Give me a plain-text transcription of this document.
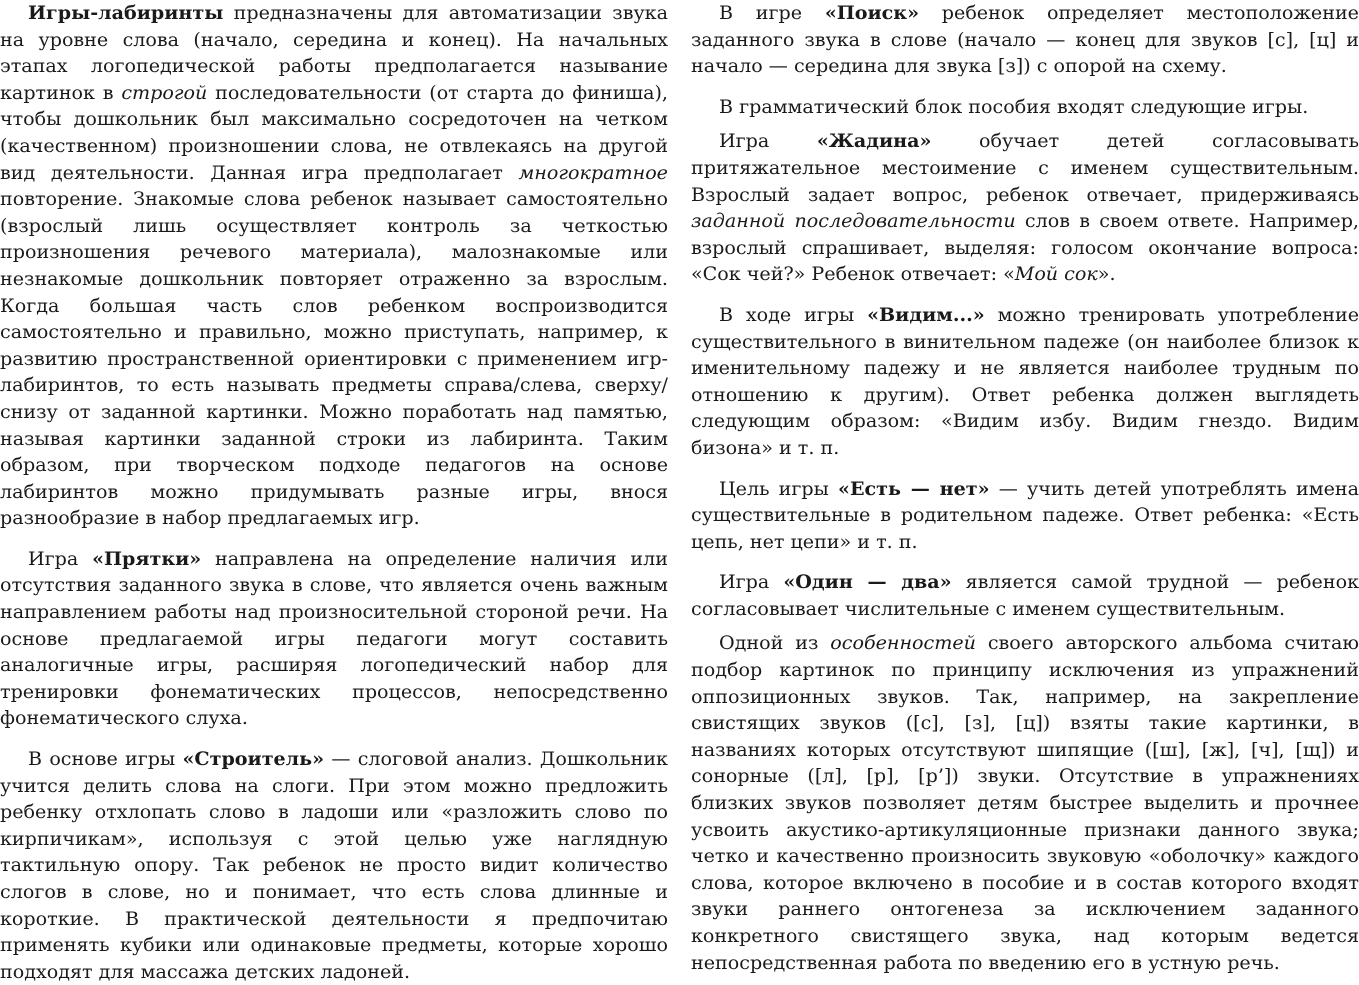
Игры-лабиринты предназначены для автоматизации звука на уровне слова (начало, середина и конец). На начальных этапах логопедической работы предполагается называние картинок в строгой последовательности (от старта до финиша), чтобы дошкольник был максимально сосредоточен на четком (качественном) произношении слова, не отвлекаясь на другой вид деятельности. Данная игра предполагает многократное повторение. Знакомые слова ребенок называет самостоятельно (взрослый лишь осуществляет контроль за четкостью произношения речевого материала), малознакомые или незнакомые дошкольник повторяет отраженно за взрослым. Когда большая часть слов ребенком воспроизводится самостоятельно и правильно, можно приступать, например, к развитию пространственной ориентировки с применением игр-лабиринтов, то есть называть предметы справа/слева, сверху/снизу от заданной картинки. Можно поработать над памятью, называя картинки заданной строки из лабиринта. Таким образом, при творческом подходе педагогов на основе лабиринтов можно придумывать разные игры, внося разнообразие в набор предлагаемых игр.

Игра «Прятки» направлена на определение наличия или отсутствия заданного звука в слове, что является очень важным направлением работы над произносительной стороной речи. На основе предлагаемой игры педагоги могут составить аналогичные игры, расширяя логопедический набор для тренировки фонематических процессов, непосредственно фонематического слуха.

В основе игры «Строитель» — слоговой анализ. Дошкольник учится делить слова на слоги. При этом можно предложить ребенку отхлопать слово в ладоши или «разложить слово по кирпичикам», используя с этой целью уже наглядную тактильную опору. Так ребенок не просто видит количество слогов в слове, но и понимает, что есть слова длинные и короткие. В практической деятельности я предпочитаю применять кубики или одинаковые предметы, которые хорошо подходят для массажа детских ладоней.

В игре «Поиск» ребенок определяет местоположение заданного звука в слове (начало — конец для звуков [с], [ц] и начало — середина для звука [з]) с опорой на схему.

В грамматический блок пособия входят следующие игры.

Игра «Жадина» обучает детей согласовывать притяжательное местоимение с именем существительным. Взрослый задает вопрос, ребенок отвечает, придерживаясь заданной последовательности слов в своем ответе. Например, взрослый спрашивает, выделяя: голосом окончание вопроса: «Сок чей?» Ребенок отвечает: «Мой сок».

В ходе игры «Видим...» можно тренировать употребление существительного в винительном падеже (он наиболее близок к именительному падежу и не является наиболее трудным по отношению к другим). Ответ ребенка должен выглядеть следующим образом: «Видим избу. Видим гнездо. Видим бизона» и т. п.

Цель игры «Есть — нет» — учить детей употреблять имена существительные в родительном падеже. Ответ ребенка: «Есть цепь, нет цепи» и т. п.

Игра «Один — два» является самой трудной — ребенок согласовывает числительные с именем существительным.

Одной из особенностей своего авторского альбома считаю подбор картинок по принципу исключения из упражнений оппозиционных звуков. Так, например, на закрепление свистящих звуков ([с], [з], [ц]) взяты такие картинки, в названиях которых отсутствуют шипящие ([ш], [ж], [ч], [щ]) и сонорные ([л], [р], [р’]) звуки. Отсутствие в упражнениях близких звуков позволяет детям быстрее выделить и прочнее усвоить акустико-артикуляционные признаки данного звука; четко и качественно произносить звуковую «оболочку» каждого слова, которое включено в пособие и в состав которого входят звуки раннего онтогенеза за исключением заданного конкретного свистящего звука, над которым ведется непосредственная работа по введению его в устную речь.
